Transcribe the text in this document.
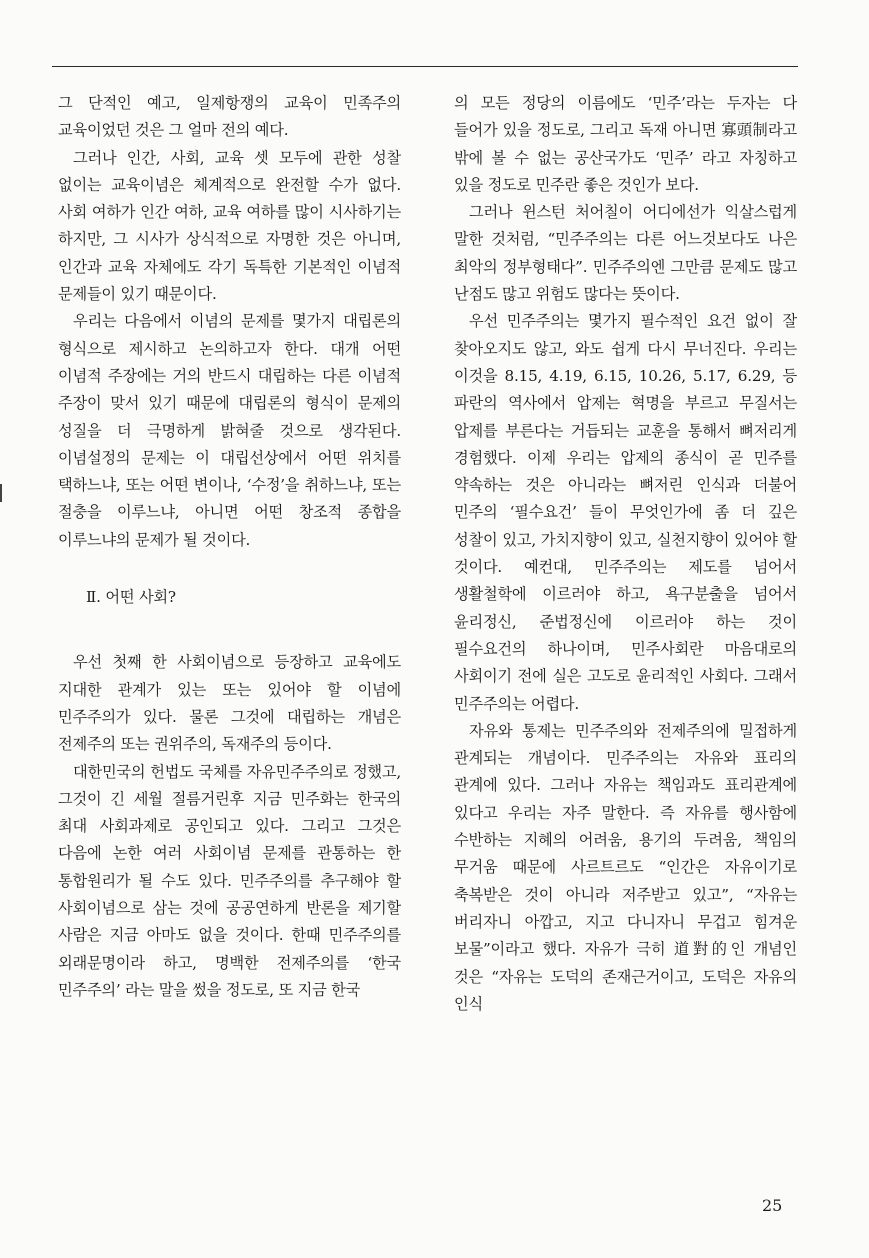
그 단적인 예고, 일제항쟁의 교육이 민족주의 교육이었던 것은 그 얼마 전의 예다.

그러나 인간, 사회, 교육 셋 모두에 관한 성찰 없이는 교육이념은 체계적으로 완전할 수가 없다. 사회 여하가 인간 여하, 교육 여하를 많이 시사하기는 하지만, 그 시사가 상식적으로 자명한 것은 아니며, 인간과 교육 자체에도 각기 독특한 기본적인 이념적 문제들이 있기 때문이다.

우리는 다음에서 이념의 문제를 몇가지 대립론의 형식으로 제시하고 논의하고자 한다. 대개 어떤 이념적 주장에는 거의 반드시 대립하는 다른 이념적 주장이 맞서 있기 때문에 대립론의 형식이 문제의 성질을 더 극명하게 밝혀줄 것으로 생각된다. 이념설정의 문제는 이 대립선상에서 어떤 위치를 택하느냐, 또는 어떤 변이나, ‘수정’을 취하느냐, 또는 절충을 이루느냐, 아니면 어떤 창조적 종합을 이루느냐의 문제가 될 것이다.

Ⅱ. 어떤 사회?

우선 첫째 한 사회이념으로 등장하고 교육에도 지대한 관계가 있는 또는 있어야 할 이념에 민주주의가 있다. 물론 그것에 대립하는 개념은 전제주의 또는 권위주의, 독재주의 등이다.

대한민국의 헌법도 국체를 자유민주주의로 정했고, 그것이 긴 세월 절름거린후 지금 민주화는 한국의 최대 사회과제로 공인되고 있다. 그리고 그것은 다음에 논한 여러 사회이념 문제를 관통하는 한 통합원리가 될 수도 있다. 민주주의를 추구해야 할 사회이념으로 삼는 것에 공공연하게 반론을 제기할 사람은 지금 아마도 없을 것이다. 한때 민주주의를 외래문명이라 하고, 명백한 전제주의를 ‘한국 민주주의’ 라는 말을 썼을 정도로, 또 지금 한국

의 모든 정당의 이름에도 ‘민주’라는 두자는 다 들어가 있을 정도로, 그리고 독재 아니면 寡頭制라고 밖에 볼 수 없는 공산국가도 ‘민주’ 라고 자칭하고 있을 정도로 민주란 좋은 것인가 보다.

그러나 윈스턴 처어칠이 어디에선가 익살스럽게 말한 것처럼, “민주주의는 다른 어느것보다도 나은 최악의 정부형태다”. 민주주의엔 그만큼 문제도 많고 난점도 많고 위험도 많다는 뜻이다.

우선 민주주의는 몇가지 필수적인 요건 없이 잘 찾아오지도 않고, 와도 쉽게 다시 무너진다. 우리는 이것을 8.15, 4.19, 6.15, 10.26, 5.17, 6.29, 등 파란의 역사에서 압제는 혁명을 부르고 무질서는 압제를 부른다는 거듭되는 교훈을 통해서 뼈저리게 경험했다. 이제 우리는 압제의 종식이 곧 민주를 약속하는 것은 아니라는 뼈저린 인식과 더불어 민주의 ‘필수요건’ 들이 무엇인가에 좀 더 깊은 성찰이 있고, 가치지향이 있고, 실천지향이 있어야 할 것이다. 예컨대, 민주주의는 제도를 넘어서 생활철학에 이르러야 하고, 욕구분출을 넘어서 윤리정신, 준법정신에 이르러야 하는 것이 필수요건의 하나이며, 민주사회란 마음대로의 사회이기 전에 실은 고도로 윤리적인 사회다. 그래서 민주주의는 어렵다.

자유와 통제는 민주주의와 전제주의에 밀접하게 관계되는 개념이다. 민주주의는 자유와 표리의 관계에 있다. 그러나 자유는 책임과도 표리관계에 있다고 우리는 자주 말한다. 즉 자유를 행사함에 수반하는 지혜의 어려움, 용기의 두려움, 책임의 무거움 때문에 사르트르도 “인간은 자유이기로 축복받은 것이 아니라 저주받고 있고”, “자유는 버리자니 아깝고, 지고 다니자니 무겁고 힘겨운 보물”이라고 했다. 자유가 극히 道對的인 개념인 것은 “자유는 도덕의 존재근거이고, 도덕은 자유의 인식

25
